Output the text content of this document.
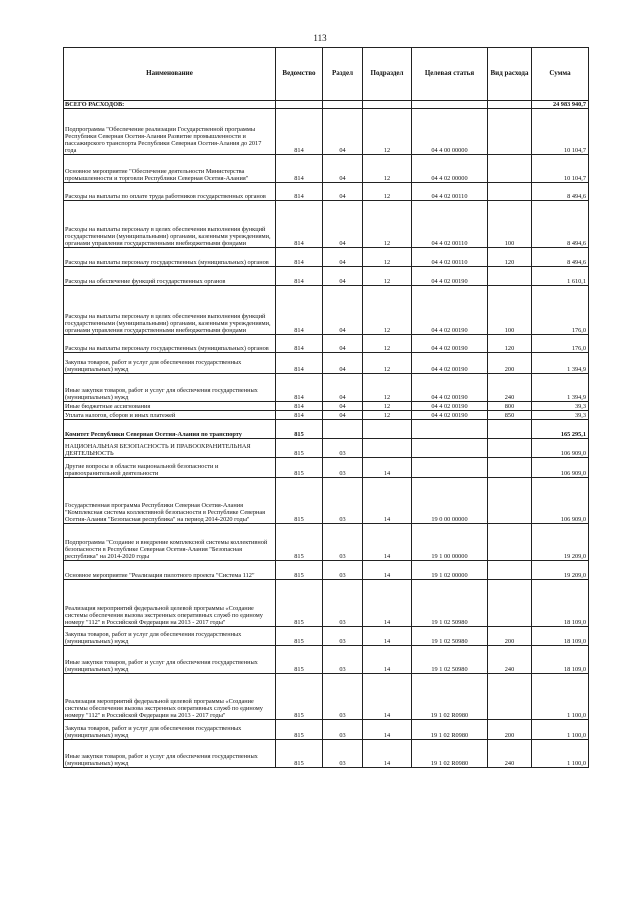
113
Наименование	Ведомство	Раздел	Подраздел	Целевая статья	Вид расхода	Сумма
ВСЕГО РАСХОДОВ:						24 983 940,7
Подпрограмма "Обеспечение реализации Государственной программы Республики Северная Осетия-Алания Развитие промышленности и пассажирского транспорта Республики Северная Осетия-Алания до 2017 года	814	04	12	04 4 00 00000		10 104,7
Основное мероприятие "Обеспечение деятельности Министерства промышленности и торговли Республики Северная Осетия-Алания"	814	04	12	04 4 02 00000		10 104,7
Расходы на выплаты по оплате труда работников государственных органов	814	04	12	04 4 02 00110		8 494,6
Расходы на выплаты персоналу в целях обеспечения выполнения функций государственными (муниципальными) органами, казенными учреждениями, органами управления государственными внебюджетными фондами	814	04	12	04 4 02 00110	100	8 494,6
Расходы на выплаты персоналу государственных (муниципальных) органов	814	04	12	04 4 02 00110	120	8 494,6
Расходы на обеспечение функций государственных органов	814	04	12	04 4 02 00190		1 610,1
Расходы на выплаты персоналу в целях обеспечения выполнения функций государственными (муниципальными) органами, казенными учреждениями, органами управления государственными внебюджетными фондами	814	04	12	04 4 02 00190	100	176,0
Расходы на выплаты персоналу государственных (муниципальных) органов	814	04	12	04 4 02 00190	120	176,0
Закупка товаров, работ и услуг для обеспечения государственных (муниципальных) нужд	814	04	12	04 4 02 00190	200	1 394,9
Иные закупки товаров, работ и услуг для обеспечения государственных (муниципальных) нужд	814	04	12	04 4 02 00190	240	1 394,9
Иные бюджетные ассигнования	814	04	12	04 4 02 00190	800	39,3
Уплата налогов, сборов и иных платежей	814	04	12	04 4 02 00190	850	39,3
Комитет Республики Северная Осетия-Алания по транспорту	815					165 295,1
НАЦИОНАЛЬНАЯ БЕЗОПАСНОСТЬ И ПРАВООХРАНИТЕЛЬНАЯ ДЕЯТЕЛЬНОСТЬ	815	03				106 909,0
Другие вопросы в области национальной безопасности и правоохранительной деятельности	815	03	14			106 909,0
Государственная программа Республики Северная Осетия-Алания "Комплексная система коллективной безопасности в Республике Северная Осетия-Алания "Безопасная республика" на период 2014-2020 годы"	815	03	14	19 0 00 00000		106 909,0
Подпрограмма "Создание и внедрение комплексной системы коллективной безопасности в Республике Северная Осетия-Алания "Безопасная республика" на 2014-2020 годы	815	03	14	19 1 00 00000		19 209,0
Основное мероприятие "Реализация пилотного проекта "Система 112"	815	03	14	19 1 02 00000		19 209,0
Реализация мероприятий федеральной целевой программы «Создание системы обеспечения вызова экстренных оперативных служб по единому номеру "112" в Российской Федерации на 2013 - 2017 годы"	815	03	14	19 1 02 50980		18 109,0
Закупка товаров, работ и услуг для обеспечения государственных (муниципальных) нужд	815	03	14	19 1 02 50980	200	18 109,0
Иные закупки товаров, работ и услуг для обеспечения государственных (муниципальных) нужд	815	03	14	19 1 02 50980	240	18 109,0
Реализация мероприятий федеральной целевой программы «Создание системы обеспечения вызова экстренных оперативных служб по единому номеру "112" в Российской Федерации на 2013 - 2017 годы"	815	03	14	19 1 02 R0980		1 100,0
Закупка товаров, работ и услуг для обеспечения государственных (муниципальных) нужд	815	03	14	19 1 02 R0980	200	1 100,0
Иные закупки товаров, работ и услуг для обеспечения государственных (муниципальных) нужд	815	03	14	19 1 02 R0980	240	1 100,0
